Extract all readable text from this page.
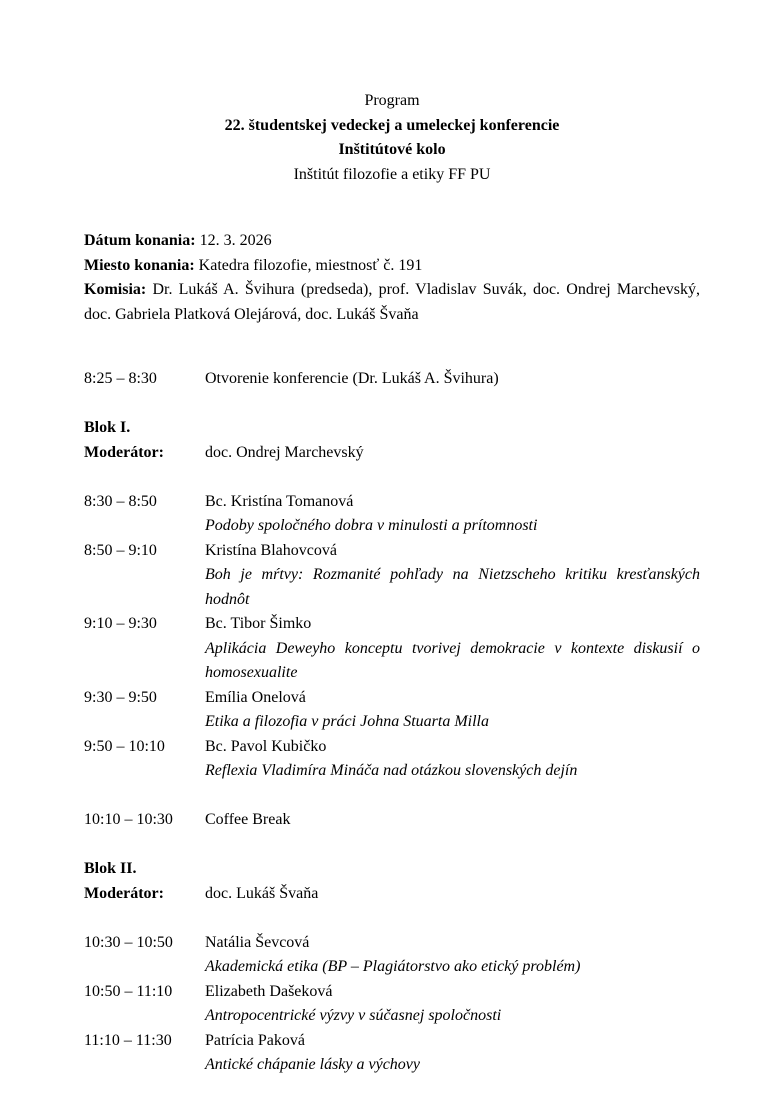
Program
22. študentskej vedeckej a umeleckej konferencie
Inštitútové kolo
Inštitút filozofie a etiky FF PU

Dátum konania: 12. 3. 2026

Miesto konania: Katedra filozofie, miestnosť č. 191

Komisia: Dr. Lukáš A. Švihura (predseda), prof. Vladislav Suvák, doc. Ondrej Marchevský, doc. Gabriela Platková Olejárová, doc. Lukáš Švaňa

8:25 – 8:30	Otvorenie konferencie (Dr. Lukáš A. Švihura)
Blok I.
Moderátor:	doc. Ondrej Marchevský
8:30 – 8:50	Bc. Kristína Tomanová
Podoby spoločného dobra v minulosti a prítomnosti
8:50 – 9:10	Kristína Blahovcová
Boh je mŕtvy: Rozmanité pohľady na Nietzscheho kritiku kresťanských hodnôt
9:10 – 9:30	Bc. Tibor Šimko
Aplikácia Deweyho konceptu tvorivej demokracie v kontexte diskusií o homosexualite
9:30 – 9:50	Emília Onelová
Etika a filozofia v práci Johna Stuarta Milla
9:50 – 10:10	Bc. Pavol Kubičko
Reflexia Vladimíra Mináča nad otázkou slovenských dejín
10:10 – 10:30 Coffee Break
Blok II.
Moderátor:	doc. Lukáš Švaňa
10:30 – 10:50 Natália Ševcová
Akademická etika (BP – Plagiátorstvo ako etický problém)
10:50 – 11:10 Elizabeth Dašeková
Antropocentrické výzvy v súčasnej spoločnosti
11:10 – 11:30 Patrícia Paková
Antické chápanie lásky a výchovy
